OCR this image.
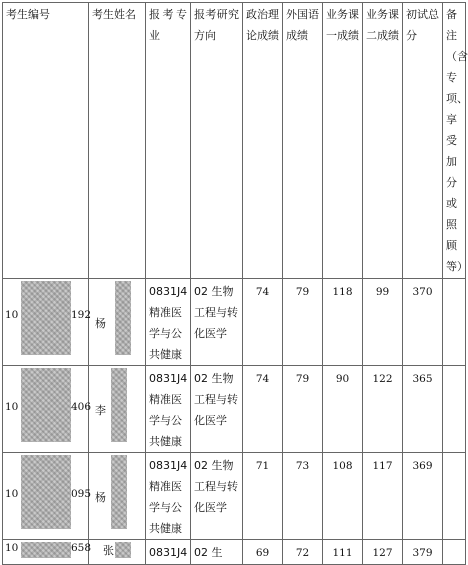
考生编号	考生姓名	报考专业	报考研究方向	政治理论成绩	外国语成绩	业务课一成绩	业务课二成绩	初试总分	备注（含专项、享受加分或照顾等）

10 192	杨	0831J4精准医学与公共健康	02 生物工程与转化医学	74	79	118	99	370	

10 406	李	0831J4精准医学与公共健康	02 生物工程与转化医学	74	79	90	122	365	

10 095	杨	0831J4精准医学与公共健康	02 生物工程与转化医学	71	73	108	117	369	

10 658	张	0831J4	02 生	69	72	111	127	379	
